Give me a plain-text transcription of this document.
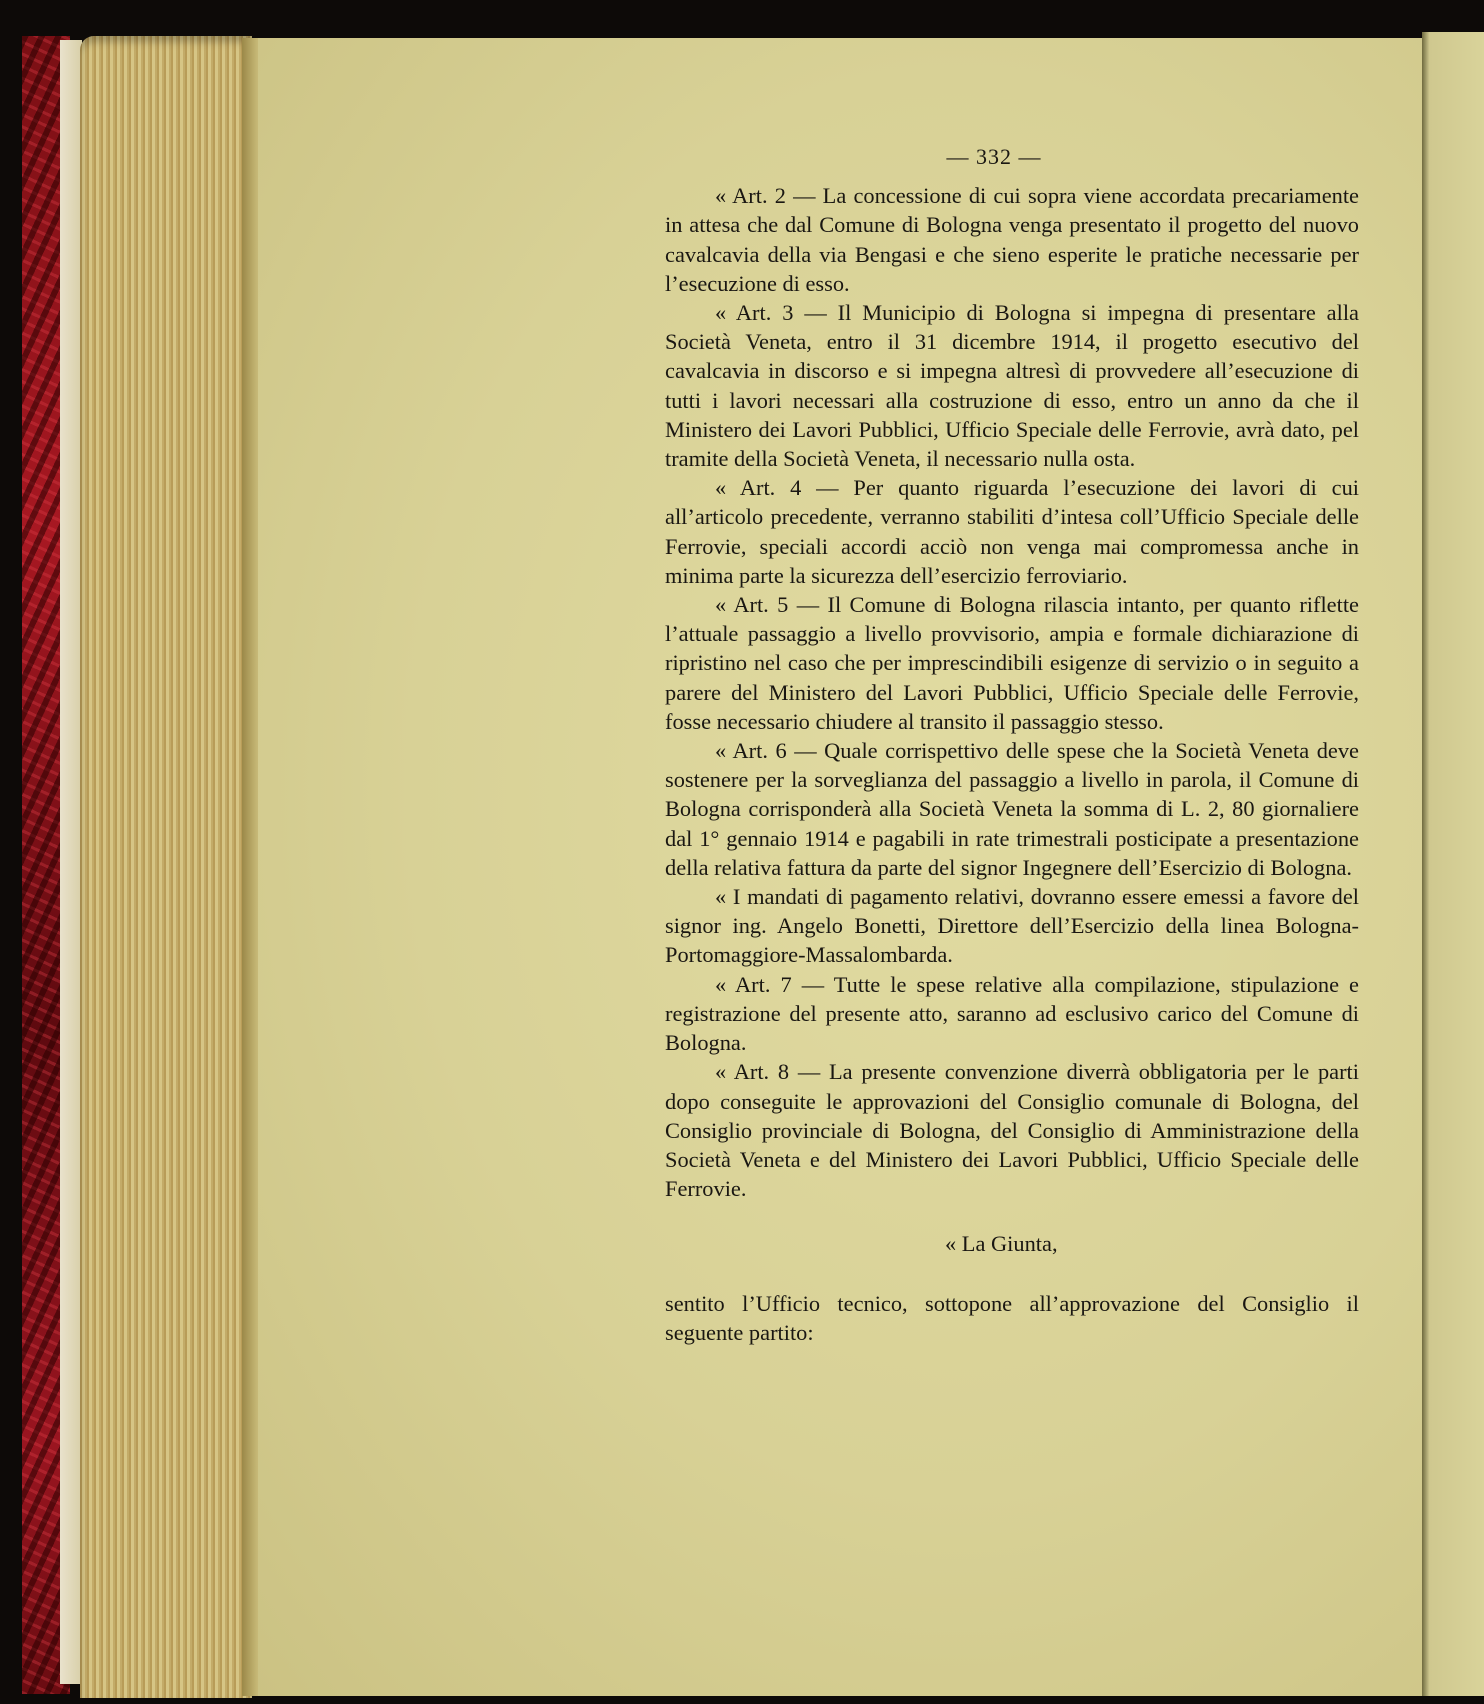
— 332 —

« Art. 2 — La concessione di cui sopra viene accordata precariamente in attesa che dal Comune di Bologna venga presentato il progetto del nuovo cavalcavia della via Bengasi e che sieno esperite le pratiche necessarie per l’esecuzione di esso.

« Art. 3 — Il Municipio di Bologna si impegna di presentare alla Società Veneta, entro il 31 dicembre 1914, il progetto esecutivo del cavalcavia in discorso e si impegna altresì di provvedere all’esecuzione di tutti i lavori necessari alla costruzione di esso, entro un anno da che il Ministero dei Lavori Pubblici, Ufficio Speciale delle Ferrovie, avrà dato, pel tramite della Società Veneta, il necessario nulla osta.

« Art. 4 — Per quanto riguarda l’esecuzione dei lavori di cui all’articolo precedente, verranno stabiliti d’intesa coll’Ufficio Speciale delle Ferrovie, speciali accordi acciò non venga mai compromessa anche in minima parte la sicurezza dell’esercizio ferroviario.

« Art. 5 — Il Comune di Bologna rilascia intanto, per quanto riflette l’attuale passaggio a livello provvisorio, ampia e formale dichiarazione di ripristino nel caso che per imprescindibili esigenze di servizio o in seguito a parere del Ministero del Lavori Pubblici, Ufficio Speciale delle Ferrovie, fosse necessario chiudere al transito il passaggio stesso.

« Art. 6 — Quale corrispettivo delle spese che la Società Veneta deve sostenere per la sorveglianza del passaggio a livello in parola, il Comune di Bologna corrisponderà alla Società Veneta la somma di L. 2, 80 giornaliere dal 1° gennaio 1914 e pagabili in rate trimestrali posticipate a presentazione della relativa fattura da parte del signor Ingegnere dell’Esercizio di Bologna.

« I mandati di pagamento relativi, dovranno essere emessi a favore del signor ing. Angelo Bonetti, Direttore dell’Esercizio della linea Bologna-Portomaggiore-Massalombarda.

« Art. 7 — Tutte le spese relative alla compilazione, stipulazione e registrazione del presente atto, saranno ad esclusivo carico del Comune di Bologna.

« Art. 8 — La presente convenzione diverrà obbligatoria per le parti dopo conseguite le approvazioni del Consiglio comunale di Bologna, del Consiglio provinciale di Bologna, del Consiglio di Amministrazione della Società Veneta e del Ministero dei Lavori Pubblici, Ufficio Speciale delle Ferrovie.

« La Giunta,

sentito l’Ufficio tecnico, sottopone all’approvazione del Consiglio il seguente partito:
